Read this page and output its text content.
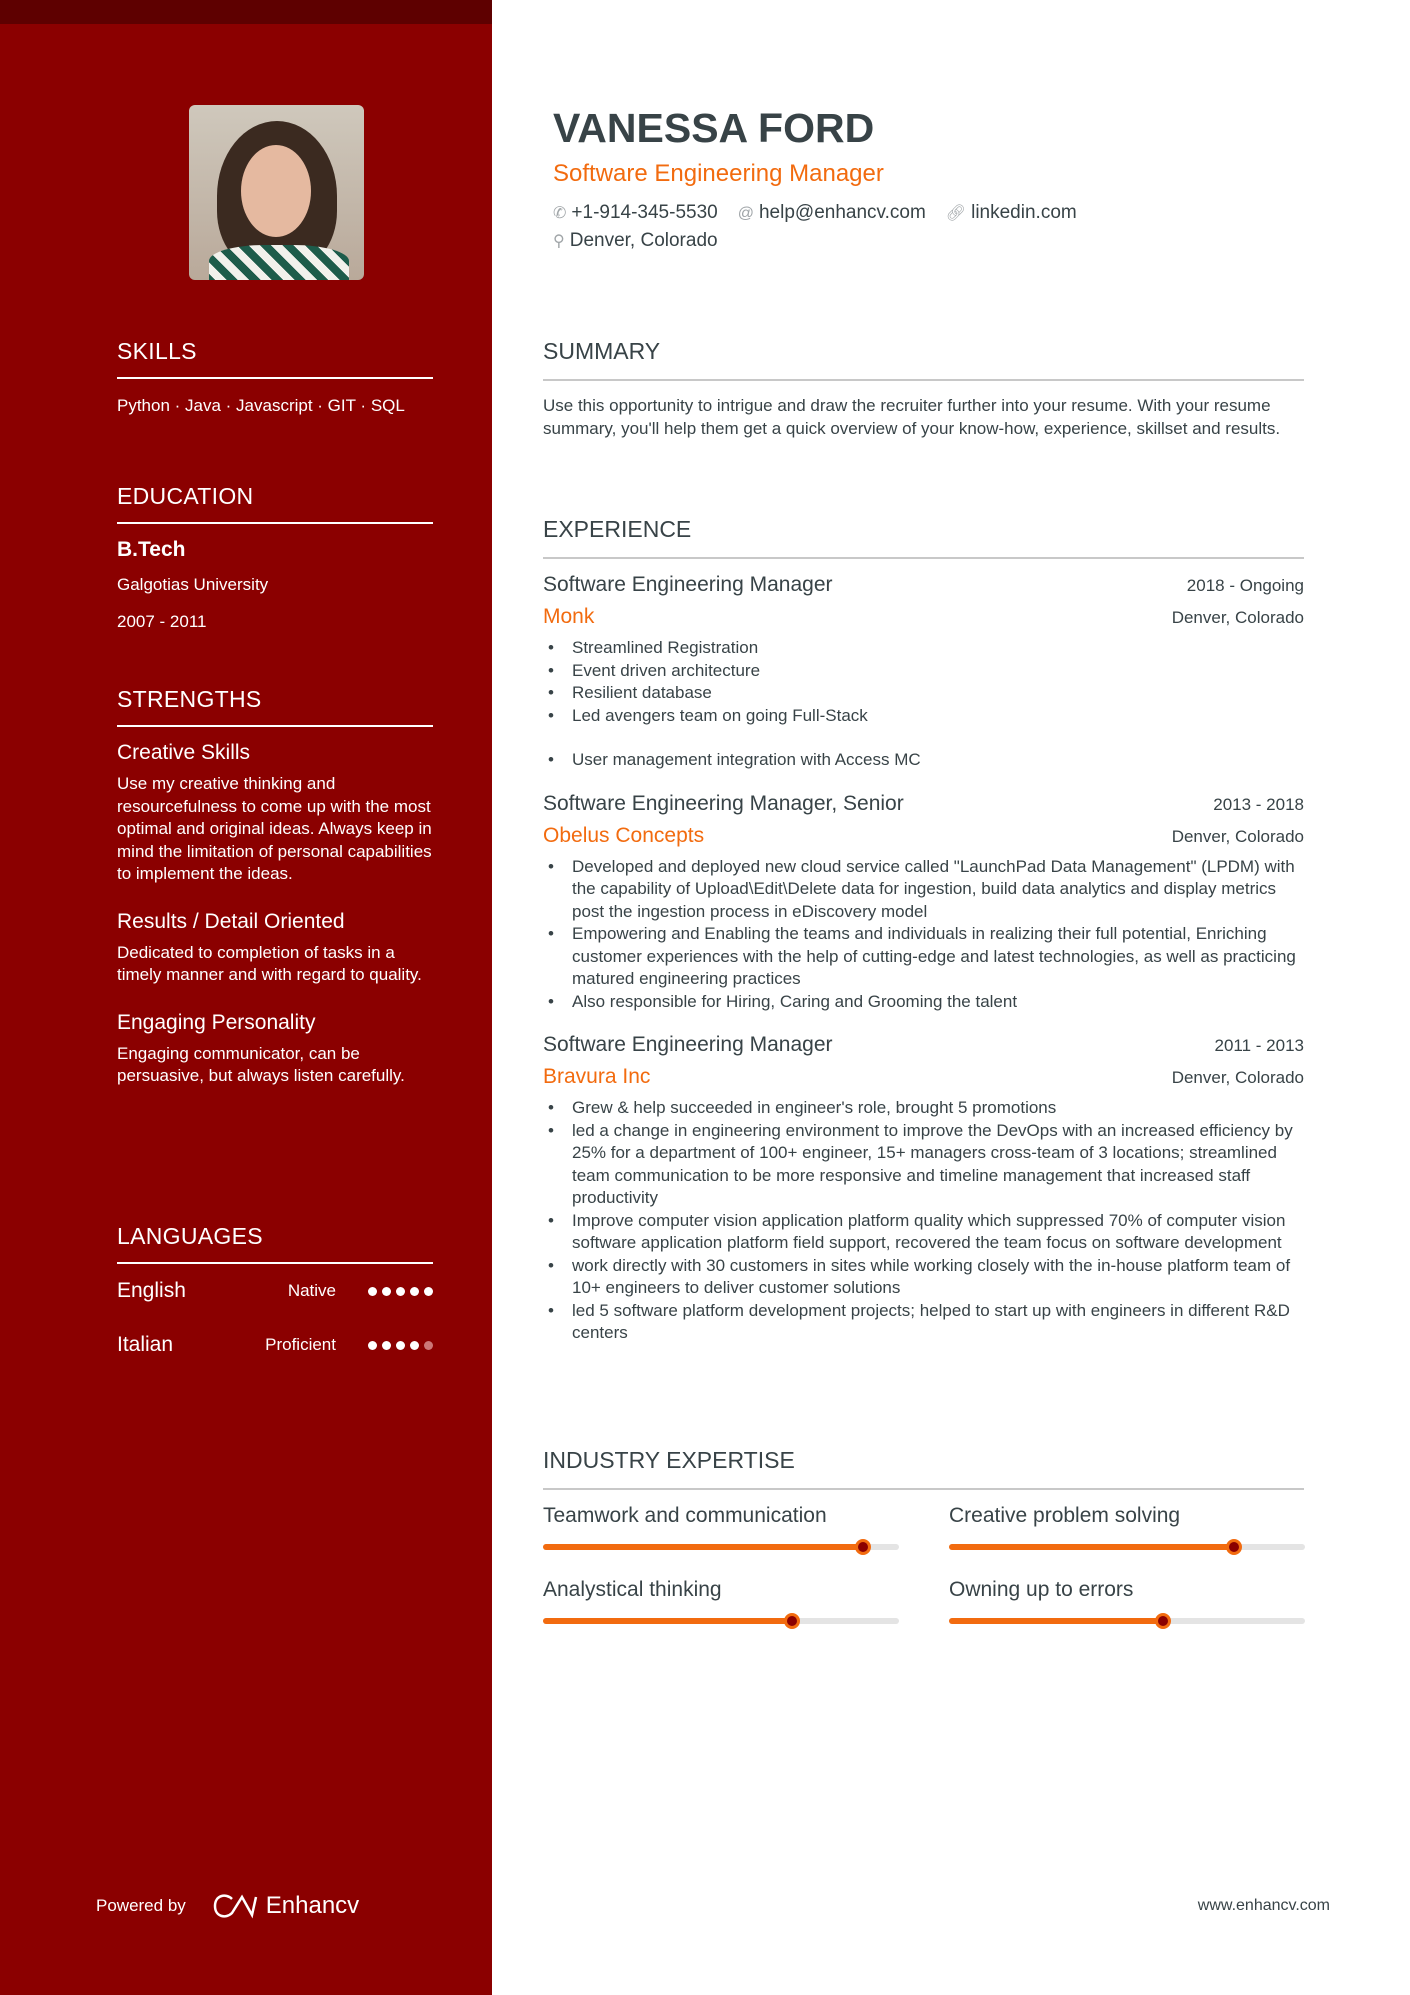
SKILLS
Python · Java · Javascript · GIT · SQL
EDUCATION
B.Tech
Galgotias University
2007 - 2011
STRENGTHS
Creative Skills
Use my creative thinking and resourcefulness to come up with the most optimal and original ideas. Always keep in mind the limitation of personal capabilities to implement the ideas.
Results / Detail Oriented
Dedicated to completion of tasks in a timely manner and with regard to quality.
Engaging Personality
Engaging communicator, can be persuasive, but always listen carefully.
LANGUAGES
English	Native
Italian	Proficient
Powered by	Enhancv
VANESSA FORD
Software Engineering Manager
✆ +1-914-345-5530 @ help@enhancv.com 🔗︎ linkedin.com
⚲ Denver, Colorado
SUMMARY
Use this opportunity to intrigue and draw the recruiter further into your resume. With your resume summary, you'll help them get a quick overview of your know-how, experience, skillset and results.
EXPERIENCE
Software Engineering Manager	2018 - Ongoing
Monk	Denver, Colorado
• Streamlined Registration
• Event driven architecture
• Resilient database
• Led avengers team on going Full-Stack
• User management integration with Access MC
Software Engineering Manager, Senior	2013 - 2018
Obelus Concepts	Denver, Colorado
• Developed and deployed new cloud service called "LaunchPad Data Management" (LPDM) with the capability of Upload\Edit\Delete data for ingestion, build data analytics and display metrics post the ingestion process in eDiscovery model
• Empowering and Enabling the teams and individuals in realizing their full potential, Enriching customer experiences with the help of cutting-edge and latest technologies, as well as practicing matured engineering practices
• Also responsible for Hiring, Caring and Grooming the talent
Software Engineering Manager	2011 - 2013
Bravura Inc	Denver, Colorado
• Grew & help succeeded in engineer's role, brought 5 promotions
• led a change in engineering environment to improve the DevOps with an increased efficiency by 25% for a department of 100+ engineer, 15+ managers cross-team of 3 locations; streamlined team communication to be more responsive and timeline management that increased staff productivity
• Improve computer vision application platform quality which suppressed 70% of computer vision software application platform field support, recovered the team focus on software development
• work directly with 30 customers in sites while working closely with the in-house platform team of 10+ engineers to deliver customer solutions
• led 5 software platform development projects; helped to start up with engineers in different R&D centers
INDUSTRY EXPERTISE
Teamwork and communication	Creative problem solving
Analystical thinking	Owning up to errors
www.enhancv.com
